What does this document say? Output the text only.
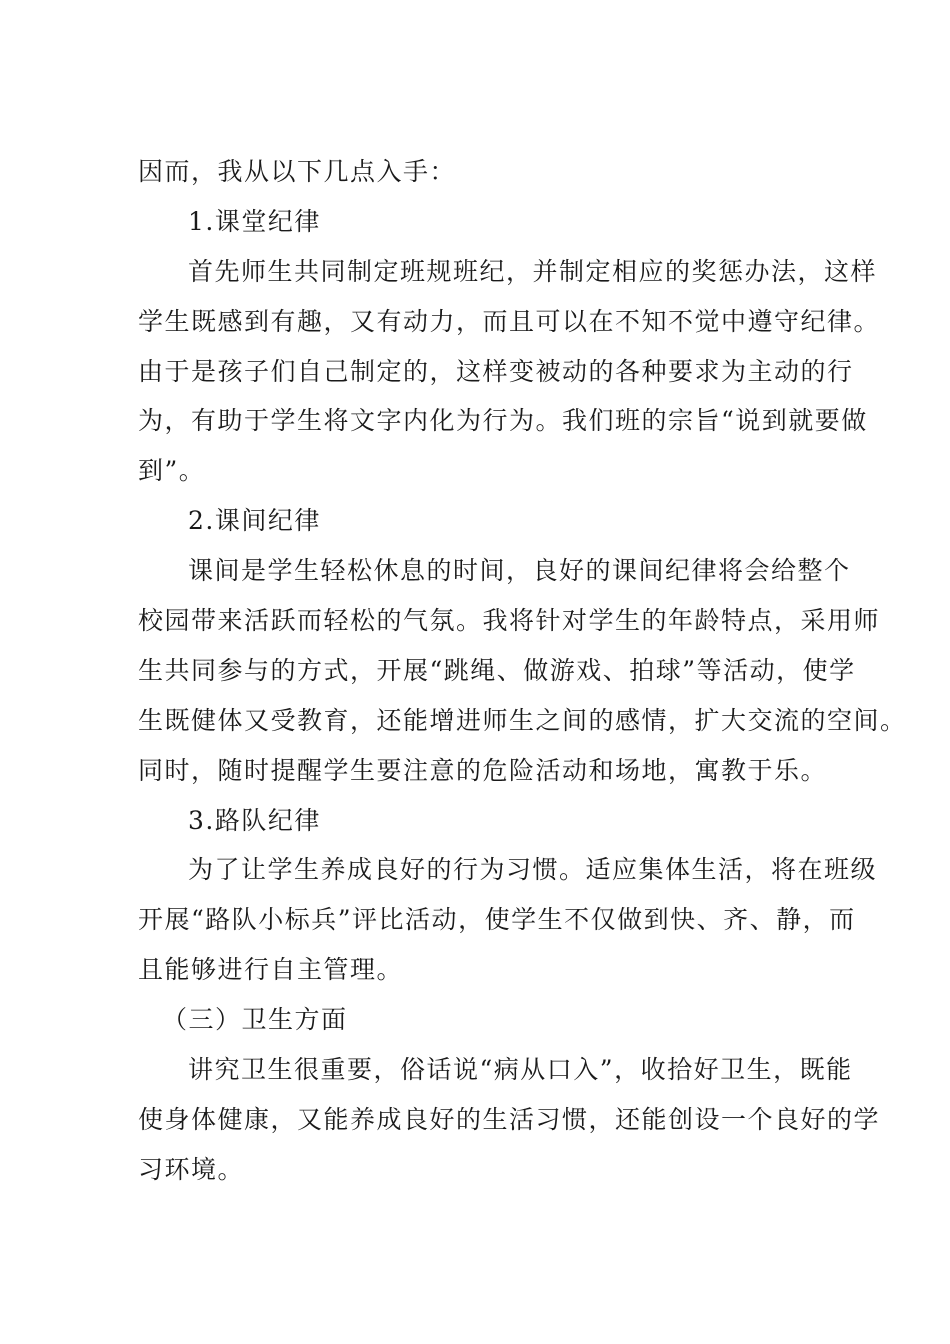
因而，我从以下几点入手：
1.课堂纪律
首先师生共同制定班规班纪，并制定相应的奖惩办法，这样
学生既感到有趣，又有动力，而且可以在不知不觉中遵守纪律。
由于是孩子们自己制定的，这样变被动的各种要求为主动的行
为，有助于学生将文字内化为行为。我们班的宗旨“说到就要做
到”。
2.课间纪律
课间是学生轻松休息的时间，良好的课间纪律将会给整个
校园带来活跃而轻松的气氛。我将针对学生的年龄特点，采用师
生共同参与的方式，开展“跳绳、做游戏、拍球”等活动，使学
生既健体又受教育，还能增进师生之间的感情，扩大交流的空间。
同时，随时提醒学生要注意的危险活动和场地，寓教于乐。
3.路队纪律
为了让学生养成良好的行为习惯。适应集体生活，将在班级
开展“路队小标兵”评比活动，使学生不仅做到快、齐、静，而
且能够进行自主管理。
（三）卫生方面
讲究卫生很重要，俗话说“病从口入”，收拾好卫生，既能
使身体健康，又能养成良好的生活习惯，还能创设一个良好的学
习环境。
